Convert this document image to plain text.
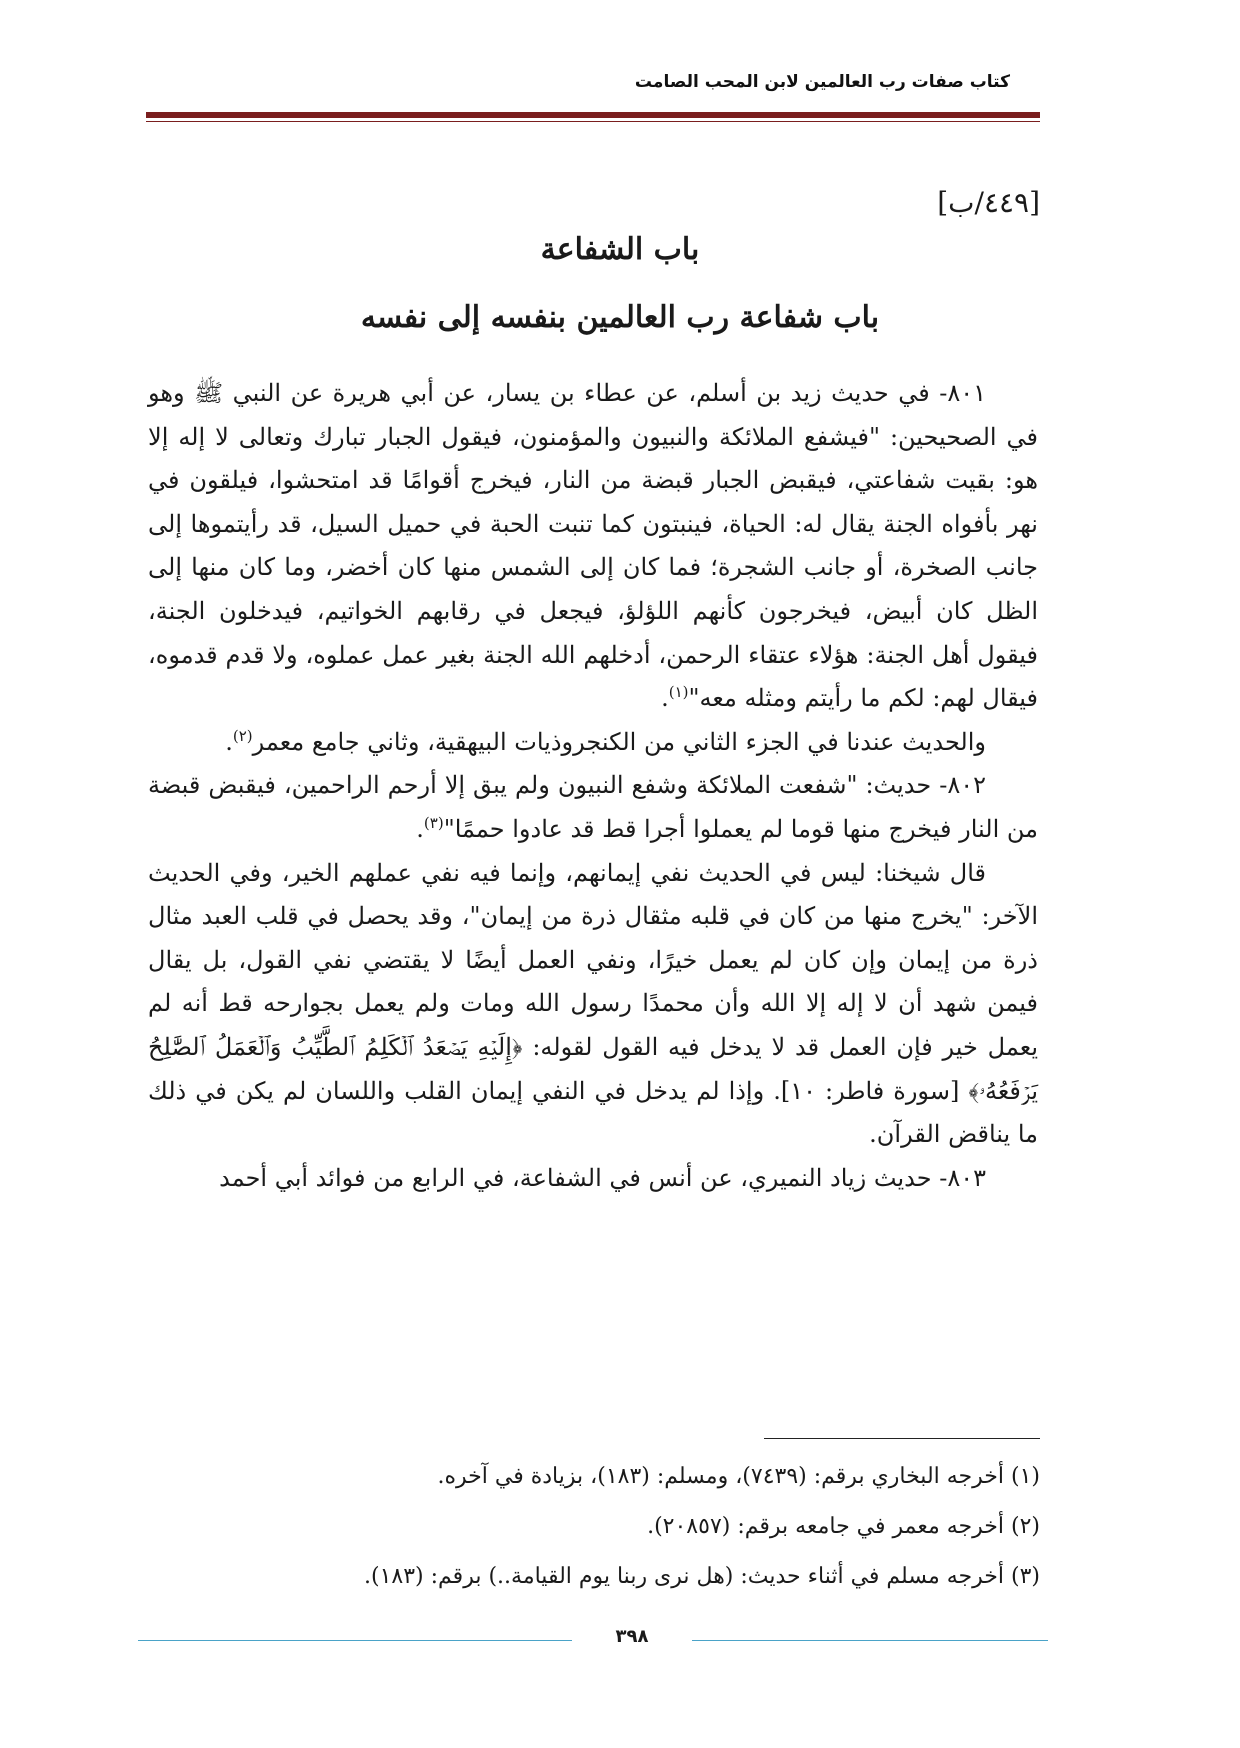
كتاب صفات رب العالمين لابن المحب الصامت
[٤٤٩/ب]
باب الشفاعة
باب شفاعة رب العالمين بنفسه إلى نفسه

٨٠١- في حديث زيد بن أسلم، عن عطاء بن يسار، عن أبي هريرة عن النبي ﷺ وهو في الصحيحين: "فيشفع الملائكة والنبيون والمؤمنون، فيقول الجبار تبارك وتعالى لا إله إلا هو: بقيت شفاعتي، فيقبض الجبار قبضة من النار، فيخرج أقوامًا قد امتحشوا، فيلقون في نهر بأفواه الجنة يقال له: الحياة، فينبتون كما تنبت الحبة في حميل السيل، قد رأيتموها إلى جانب الصخرة، أو جانب الشجرة؛ فما كان إلى الشمس منها كان أخضر، وما كان منها إلى الظل كان أبيض، فيخرجون كأنهم اللؤلؤ، فيجعل في رقابهم الخواتيم، فيدخلون الجنة، فيقول أهل الجنة: هؤلاء عتقاء الرحمن، أدخلهم الله الجنة بغير عمل عملوه، ولا قدم قدموه، فيقال لهم: لكم ما رأيتم ومثله معه"$^{(١)}$.

والحديث عندنا في الجزء الثاني من الكنجروذيات البيهقية، وثاني جامع معمر$^{(٢)}$.

٨٠٢- حديث: "شفعت الملائكة وشفع النبيون ولم يبق إلا أرحم الراحمين، فيقبض قبضة من النار فيخرج منها قوما لم يعملوا أجرا قط قد عادوا حممًا"$^{(٣)}$.

قال شيخنا: ليس في الحديث نفي إيمانهم، وإنما فيه نفي عملهم الخير، وفي الحديث الآخر: "يخرج منها من كان في قلبه مثقال ذرة من إيمان"، وقد يحصل في قلب العبد مثال ذرة من إيمان وإن كان لم يعمل خيرًا، ونفي العمل أيضًا لا يقتضي نفي القول، بل يقال فيمن شهد أن لا إله إلا الله وأن محمدًا رسول الله ومات ولم يعمل بجوارحه قط أنه لم يعمل خير فإن العمل قد لا يدخل فيه القول لقوله: ﴿إِلَيۡهِ يَصۡعَدُ ٱلۡكَلِمُ ٱلطَّيِّبُ وَٱلۡعَمَلُ ٱلصَّٰلِحُ يَرۡفَعُهُۥ﴾ [سورة فاطر: ١٠]. وإذا لم يدخل في النفي إيمان القلب واللسان لم يكن في ذلك ما يناقض القرآن.

٨٠٣- حديث زياد النميري، عن أنس في الشفاعة، في الرابع من فوائد أبي أحمد

(١) أخرجه البخاري برقم: (٧٤٣٩)، ومسلم: (١٨٣)، بزيادة في آخره.
(٢) أخرجه معمر في جامعه برقم: (٢٠٨٥٧).
(٣) أخرجه مسلم في أثناء حديث: (هل نرى ربنا يوم القيامة..) برقم: (١٨٣).
٣٩٨
